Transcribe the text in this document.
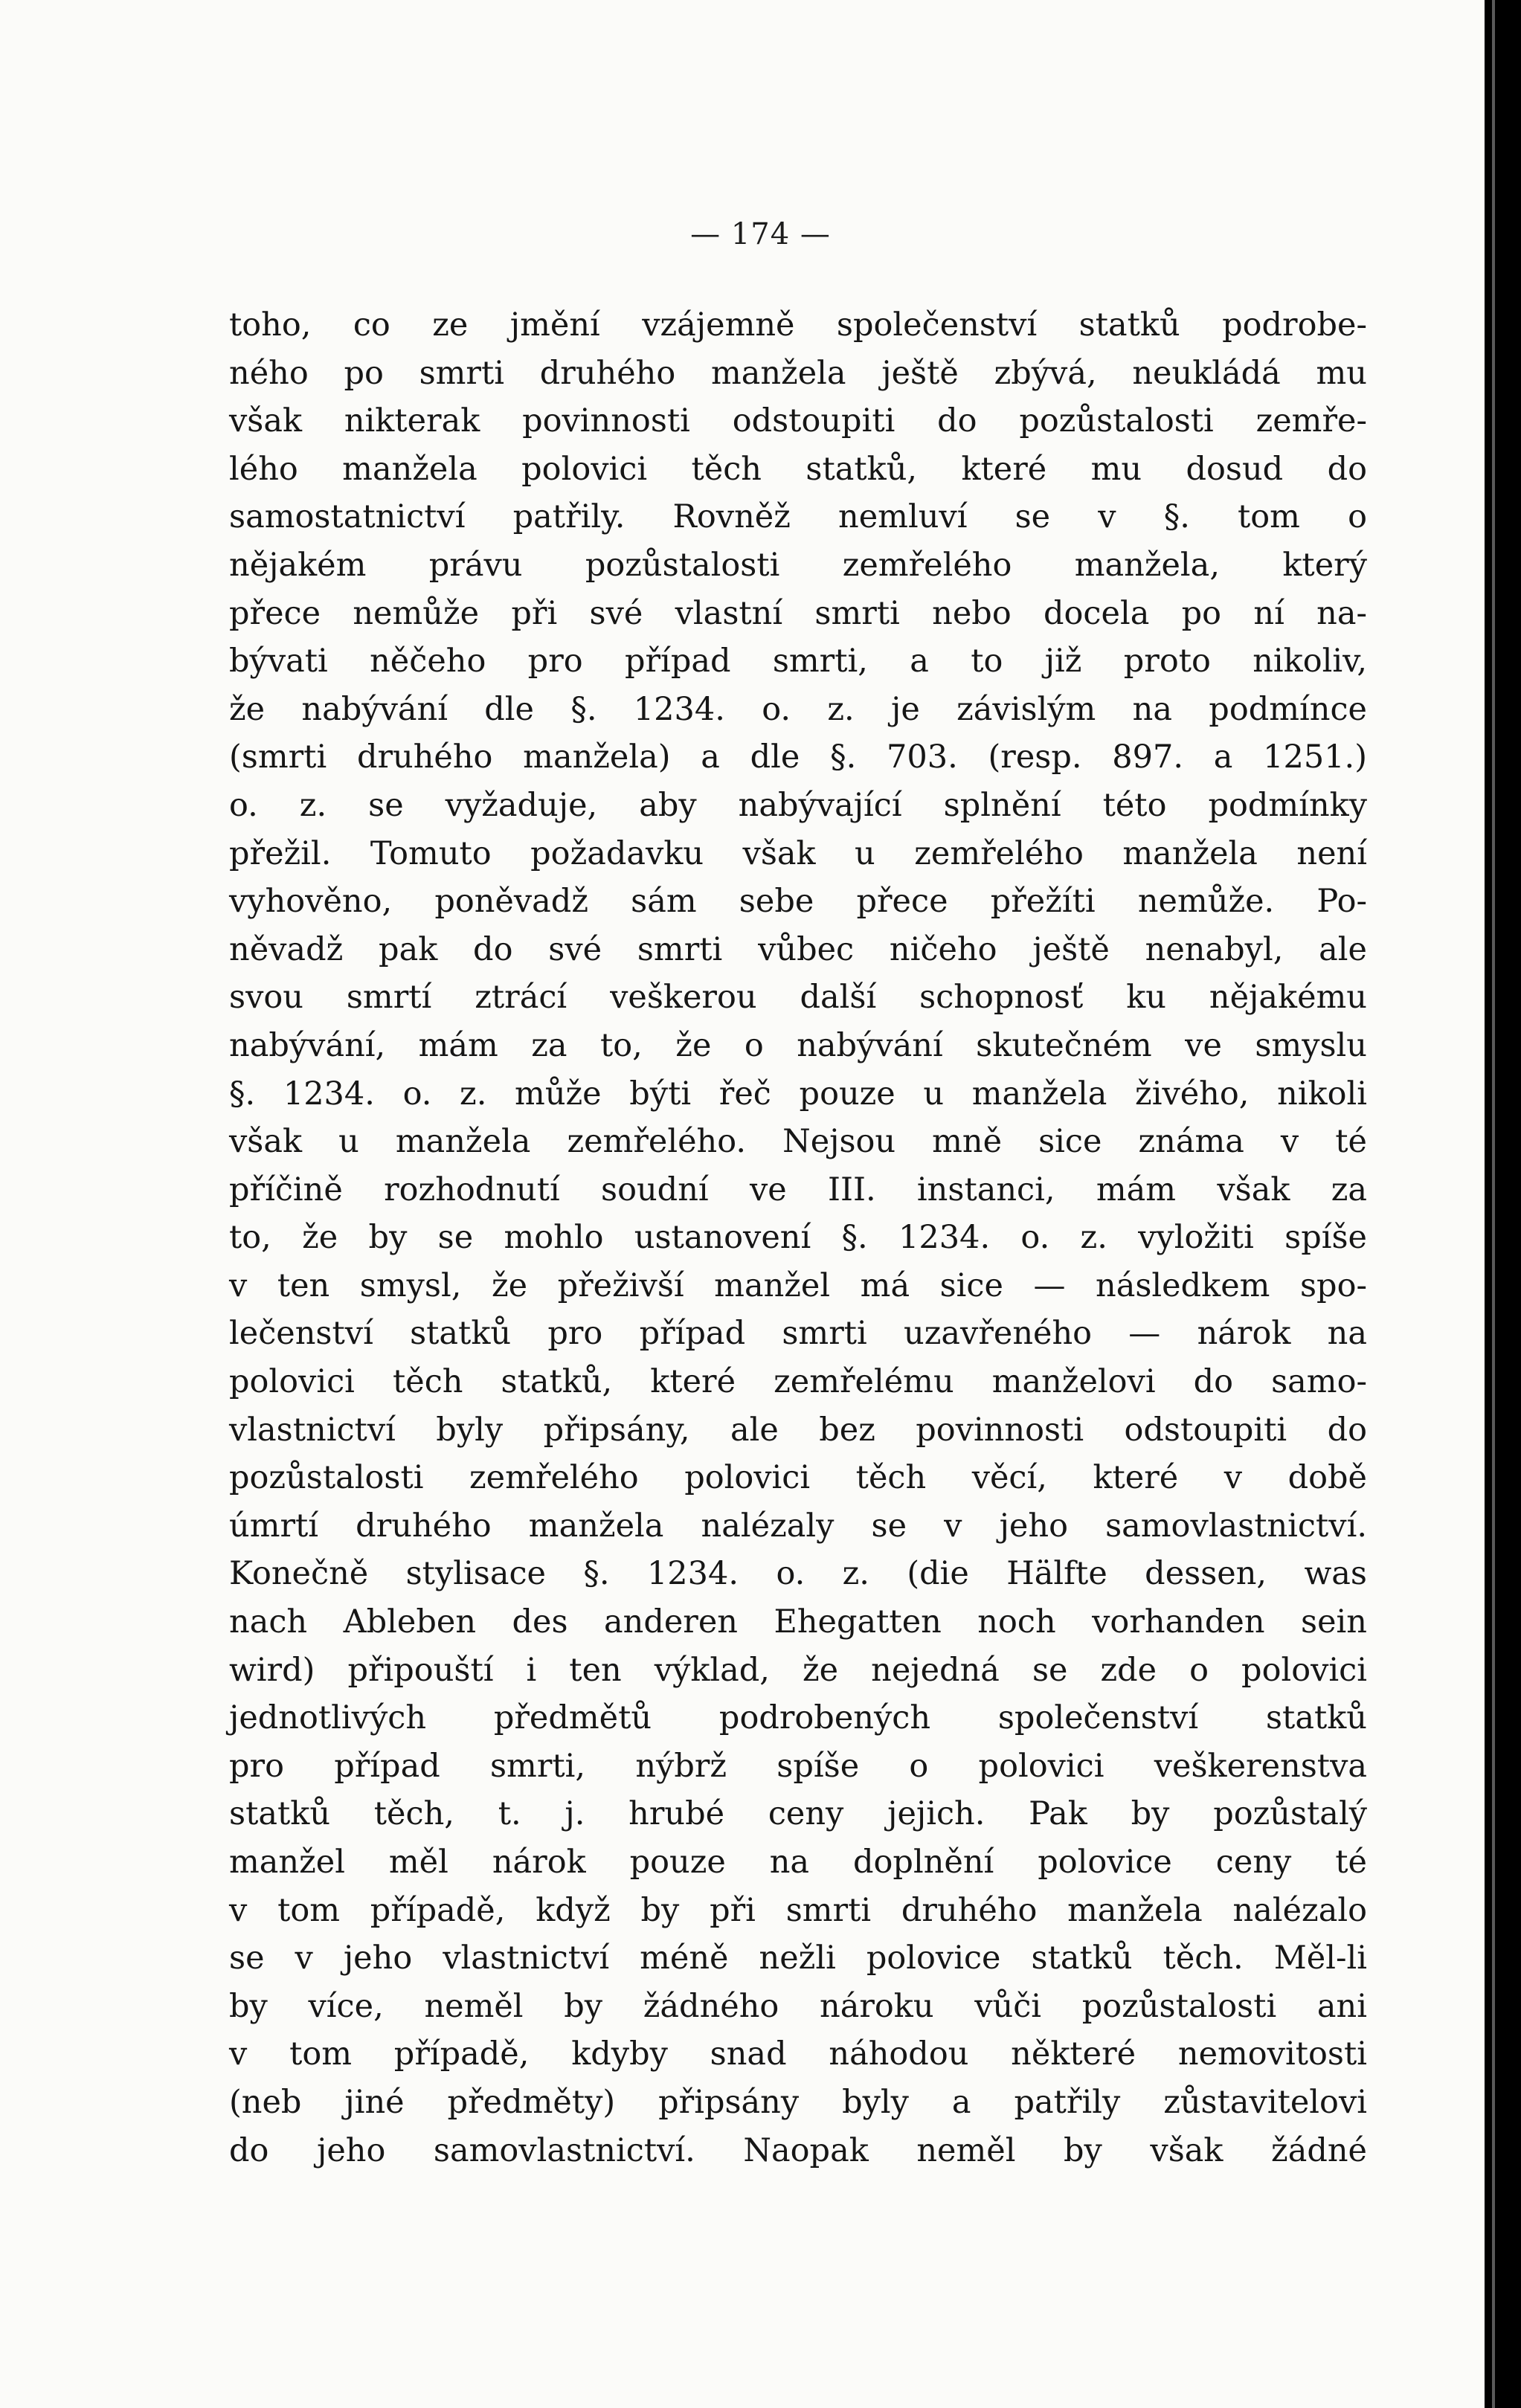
— 174 —
toho, co ze jmění vzájemně společenství statků podrobe-
ného po smrti druhého manžela ještě zbývá, neukládá mu
však nikterak povinnosti odstoupiti do pozůstalosti zemře-
lého manžela polovici těch statků, které mu dosud do
samostatnictví patřily. Rovněž nemluví se v §. tom o
nějakém právu pozůstalosti zemřelého manžela, který
přece nemůže při své vlastní smrti nebo docela po ní na-
bývati něčeho pro případ smrti, a to již proto nikoliv,
že nabývání dle §. 1234. o. z. je závislým na podmínce
(smrti druhého manžela) a dle §. 703. (resp. 897. a 1251.)
o. z. se vyžaduje, aby nabývající splnění této podmínky
přežil. Tomuto požadavku však u zemřelého manžela není
vyhověno, poněvadž sám sebe přece přežíti nemůže. Po-
něvadž pak do své smrti vůbec ničeho ještě nenabyl, ale
svou smrtí ztrácí veškerou další schopnosť ku nějakému
nabývání, mám za to, že o nabývání skutečném ve smyslu
§. 1234. o. z. může býti řeč pouze u manžela živého, nikoli
však u manžela zemřelého. Nejsou mně sice známa v té
příčině rozhodnutí soudní ve III. instanci, mám však za
to, že by se mohlo ustanovení §. 1234. o. z. vyložiti spíše
v ten smysl, že přeživší manžel má sice — následkem spo-
lečenství statků pro případ smrti uzavřeného — nárok na
polovici těch statků, které zemřelému manželovi do samo-
vlastnictví byly připsány, ale bez povinnosti odstoupiti do
pozůstalosti zemřelého polovici těch věcí, které v době
úmrtí druhého manžela nalézaly se v jeho samovlastnictví.
Konečně stylisace §. 1234. o. z. (die Hälfte dessen, was
nach Ableben des anderen Ehegatten noch vorhanden sein
wird) připouští i ten výklad, že nejedná se zde o polovici
jednotlivých předmětů podrobených společenství statků
pro případ smrti, nýbrž spíše o polovici veškerenstva
statků těch, t. j. hrubé ceny jejich. Pak by pozůstalý
manžel měl nárok pouze na doplnění polovice ceny té
v tom případě, když by při smrti druhého manžela nalézalo
se v jeho vlastnictví méně nežli polovice statků těch. Měl-li
by více, neměl by žádného nároku vůči pozůstalosti ani
v tom případě, kdyby snad náhodou některé nemovitosti
(neb jiné předměty) připsány byly a patřily zůstavitelovi
do jeho samovlastnictví. Naopak neměl by však žádné
